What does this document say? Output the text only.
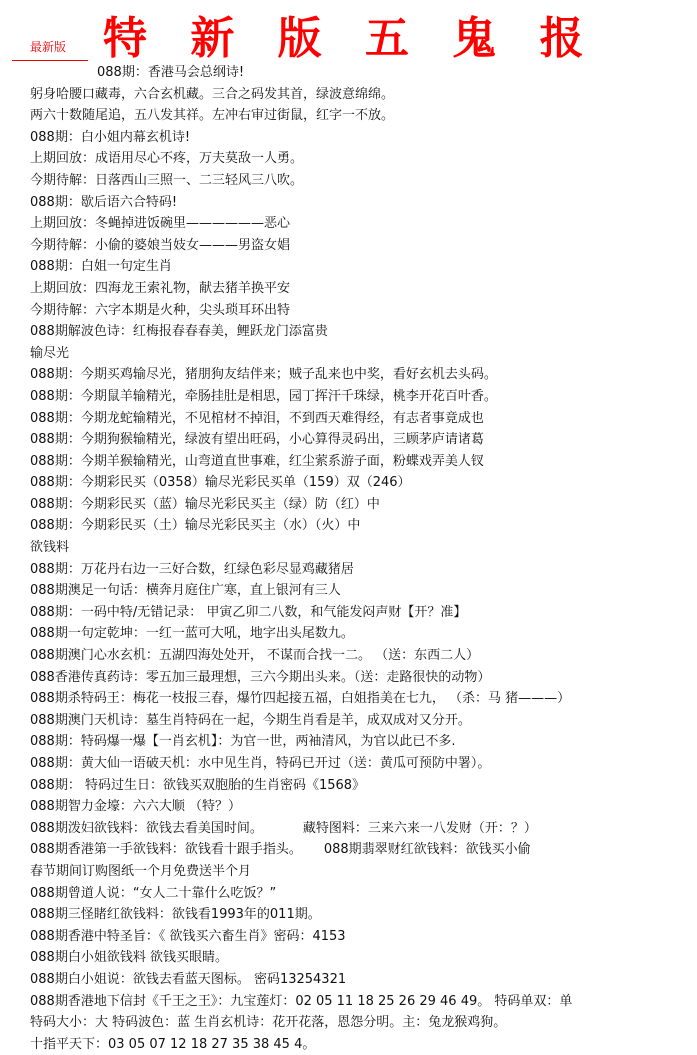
最新版 特 新 版 五 鬼 报
088期：香港马会总纲诗!
躬身哈腰口藏毒，六合玄机藏。三合之码发其首，绿波意绵绵。
两六十数随尾追，五八发其祥。左冲右审过街鼠，红字一不放。
088期：白小姐内幕玄机诗!
上期回放：成语用尽心不疼，万夫莫敌一人勇。
今期待解：日落西山三照一、二三轻风三八吹。
088期：歇后语六合特码!
上期回放：冬蝇掉进饭碗里——————恶心
今期待解：小偷的婆娘当妓女———男盗女娼
088期：白姐一句定生肖
上期回放：四海龙王索礼物，献去猪羊换平安
今期待解：六字本期是火种，尖头琐耳环出特
088期解波色诗：红梅报春春春美，鲤跃龙门添富贵
输尽光
088期：今期买鸡输尽光，猪朋狗友结伴来；贼子乱来也中奖，看好玄机去头码。
088期：今期鼠羊输精光，牵肠挂肚是相思，园丁挥汗千珠绿，桃李开花百叶香。
088期：今期龙蛇输精光，不见棺材不掉泪，不到西天难得经，有志者事竟成也
088期：今期狗猴输精光，绿波有望出旺码，小心算得灵码出，三顾茅庐请诸葛
088期：今期羊猴输精光，山弯道直世事难，红尘萦系游子面，粉蝶戏弄美人钗
088期：今期彩民买（0358）输尽光彩民买单（159）双（246）
088期：今期彩民买（蓝）输尽光彩民买主（绿）防（红）中
088期：今期彩民买（土）输尽光彩民买主（水）（火）中
欲钱料
088期：万花丹右边一三好合数，红绿色彩尽显鸡藏猪居
088期澳足一句话：横奔月庭住广寒，直上银河有三人
088期：一码中特/无错记录： 甲寅乙卯二八数，和气能发闷声财【开？准】
088期一句定乾坤：一红一蓝可大吼，地字出头尾数九。
088期澳门心水玄机：五湖四海处处开， 不谋而合找一二。 （送：东西二人）
088香港传真药诗：零五加三最理想，三六今期出头来。（送：走路很快的动物）
088期杀特码王：梅花一枝报三春，爆竹四起接五福，白姐指美在七九， （杀：马 猪———）
088期澳门天机诗：墓生肖特码在一起，今期生肖看是羊，成双成对又分开。
088期：特码爆一爆【一肖玄机】：为官一世，两袖清风，为官以此已不多.
088期：黄大仙一语破天机：水中见生肖，特码已开过（送：黄瓜可预防中署）。
088期： 特码过生日：欲钱买双胞胎的生肖密码《1568》
088期智力金壕：六六大顺 （特？）
088期泼妇欲钱料：欲钱去看美国时间。	藏特图料：三来六来一八发财（开：？）
088期香港第一手欲钱料：欲钱看十跟手指头。 088期翡翠财红欲钱料：欲钱买小偷
春节期间订购图纸一个月免费送半个月
088期曾道人说：“女人二十靠什么吃饭？”
088期三怪睹红欲钱料：欲钱看1993年的011期。
088期香港中特圣旨：《 欲钱买六畜生肖》密码：4153
088期白小姐欲钱料 欲钱买眼睛。
088期白小姐说：欲钱去看蓝天图标。 密码13254321
088期香港地下信封《千王之王》：九宝莲灯：02 05 11 18 25 26 29 46 49。 特码单双：单
特码大小：大 特码波色：蓝 生肖玄机诗：花开花落，恩怨分明。主：兔龙猴鸡狗。
十指平天下：03 05 07 12 18 27 35 38 45 4。
